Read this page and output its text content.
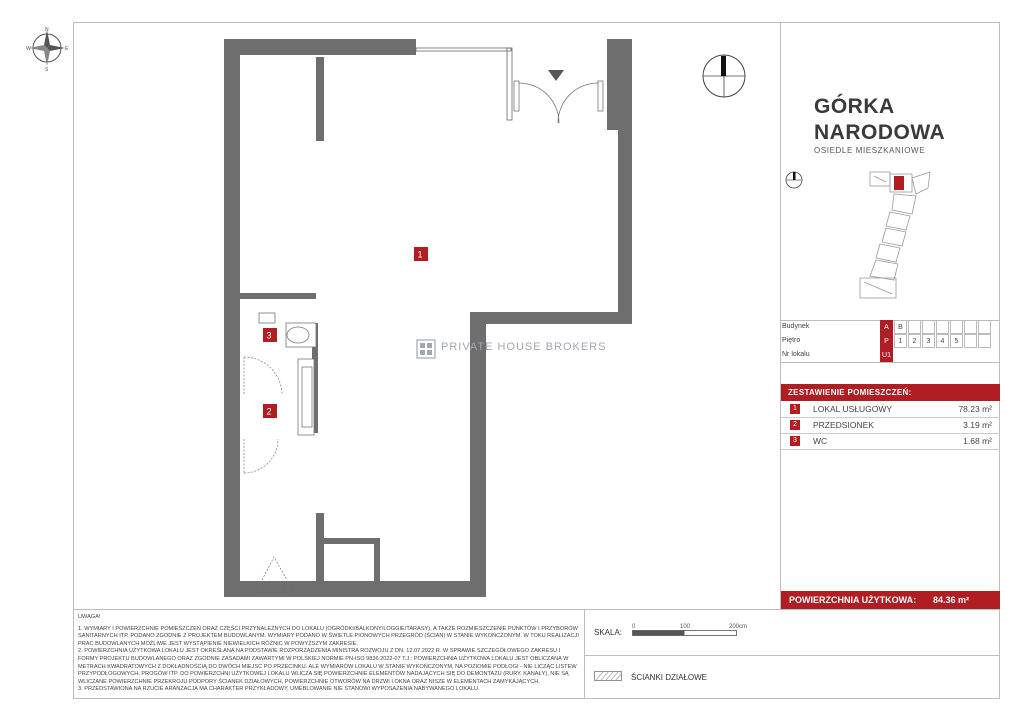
N
E
S
W
1
2
3
PRIVATE HOUSE BROKERS
GÓRKA
NARODOWA
OSIEDLE MIESZKANIOWE
Budynek	A	B
Piętro	P	1	2	3	4	5
Nr lokalu	U1
ZESTAWIENIE POMIESZCZEŃ:
1	LOKAL USŁUGOWY	78.23 m²
2	PRZEDSIONEK	3.19 m²
3	WC	1.68 m²
POWIERZCHNIA UŻYTKOWA: 84.36 m²
UWAGA!
1. WYMIARY I POWIERZCHNIE POMIESZCZEŃ ORAZ CZĘŚCI PRZYNALEŻNYCH DO LOKALU (OGRÓDKI/BALKONY/LOGGIE/TARASY), A TAKŻE ROZMIESZCZENIE PUNKTÓW I PRZYBORÓW SANITARNYCH ITP. PODANO ZGODNIE Z PROJEKTEM BUDOWLANYM. WYMIARY PODANO W ŚWIETLE PIONOWYCH PRZEGRÓD (ŚCIAN) W STANIE WYKOŃCZONYM. W TOKU REALIZACJI PRAC BUDOWLANYCH MOŻLIWE JEST WYSTĄPIENIE NIEWIELKICH RÓŻNIC W POWYŻSZYM ZAKRESIE.
2. POWIERZCHNIA UŻYTKOWA LOKALU JEST OKREŚLANA NA PODSTAWIE ROZPORZĄDZENIA MINISTRA ROZWOJU Z DN. 12.07.2022 R. W SPRAWIE SZCZEGÓŁOWEGO ZAKRESU I FORMY PROJEKTU BUDOWLANEGO ORAZ ZGODNIE ZASADAMI ZAWARTYMI W POLSKIEJ NORMIE PN-ISO 9836:2022-07 T.J.: POWIERZCHNIA UŻYTKOWA LOKALU JEST OBLICZANA W METRACH KWADRATOWYCH Z DOKŁADNOŚCIĄ DO DWÓCH MIEJSC PO PRZECINKU. ALE WYMIARÓW LOKALU W STANIE WYKOŃCZONYM, NA POZIOMIE PODŁOGI - NIE LICZĄC LISTEW PRZYPODŁOGOWYCH, PROGÓW ITP. DO POWIERZCHNI UŻYTKOWEJ LOKALU WLICZA SIĘ POWIERZCHNIE ELEMENTÓW NADAJĄCYCH SIĘ DO DEMONTAŻU (RURY, KANAŁY), NIE SĄ WLICZANE POWIERZCHNIE PRZEKROJU PODPORY ŚCIANEK DZIAŁOWYCH, POWIERZCHNIE OTWORÓW NA DRZWI I OKNA ORAZ NISZE W ELEMENTACH ZAMYKAJĄCYCH.
3. PRZEDSTAWIONA NA RZUCIE ARANŻACJA MA CHARAKTER PRZYKŁADOWY, UMEBLOWANIE NIE STANOWI WYPOSAŻENIA NABYWANEGO LOKALU.
SKALA:
0	100	200cm
ŚCIANKI DZIAŁOWE
